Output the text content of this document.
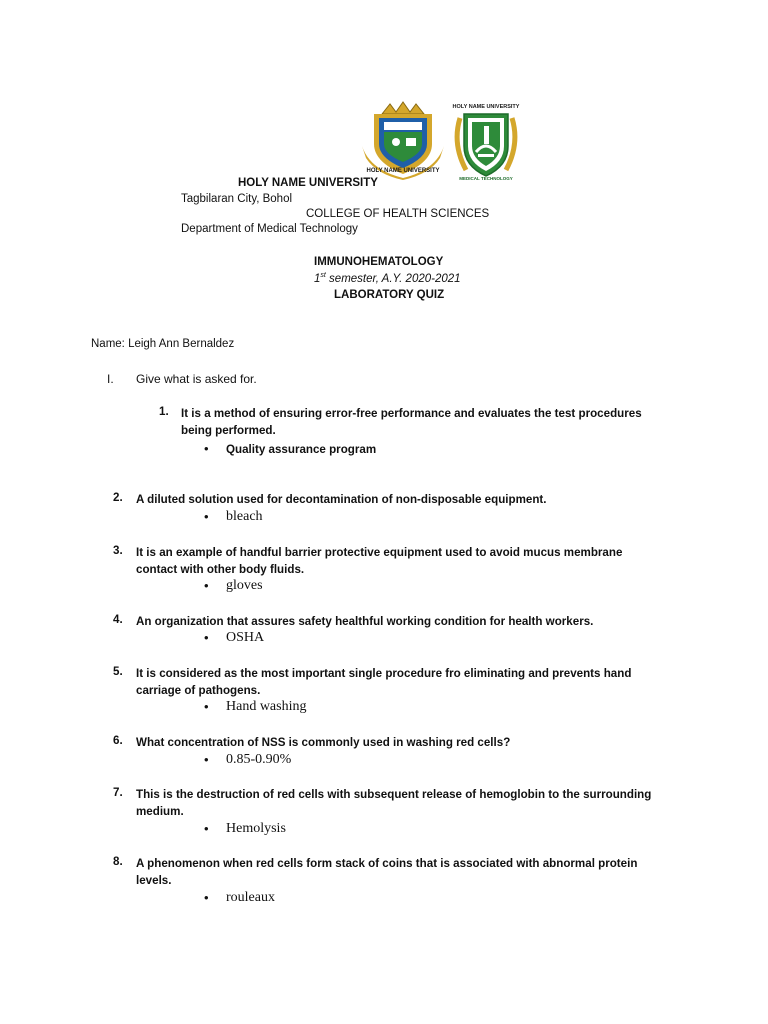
HOLY NAME UNIVERSITY
HOLY NAME UNIVERSITY
MEDICAL TECHNOLOGY
HOLY NAME UNIVERSITY
Tagbilaran City, Bohol
COLLEGE OF HEALTH SCIENCES
Department of Medical Technology
IMMUNOHEMATOLOGY
1st semester, A.Y. 2020-2021
LABORATORY QUIZ
Name: Leigh Ann Bernaldez
I. Give what is asked for.
1. It is a method of ensuring error-free performance and evaluates the test procedures being performed.
• Quality assurance program
2. A diluted solution used for decontamination of non-disposable equipment.
• bleach
3. It is an example of handful barrier protective equipment used to avoid mucus membrane contact with other body fluids.
• gloves
4. An organization that assures safety healthful working condition for health workers.
• OSHA
5. It is considered as the most important single procedure fro eliminating and prevents hand carriage of pathogens.
• Hand washing
6. What concentration of NSS is commonly used in washing red cells?
• 0.85-0.90%
7. This is the destruction of red cells with subsequent release of hemoglobin to the surrounding medium.
• Hemolysis
8. A phenomenon when red cells form stack of coins that is associated with abnormal protein levels.
• rouleaux
